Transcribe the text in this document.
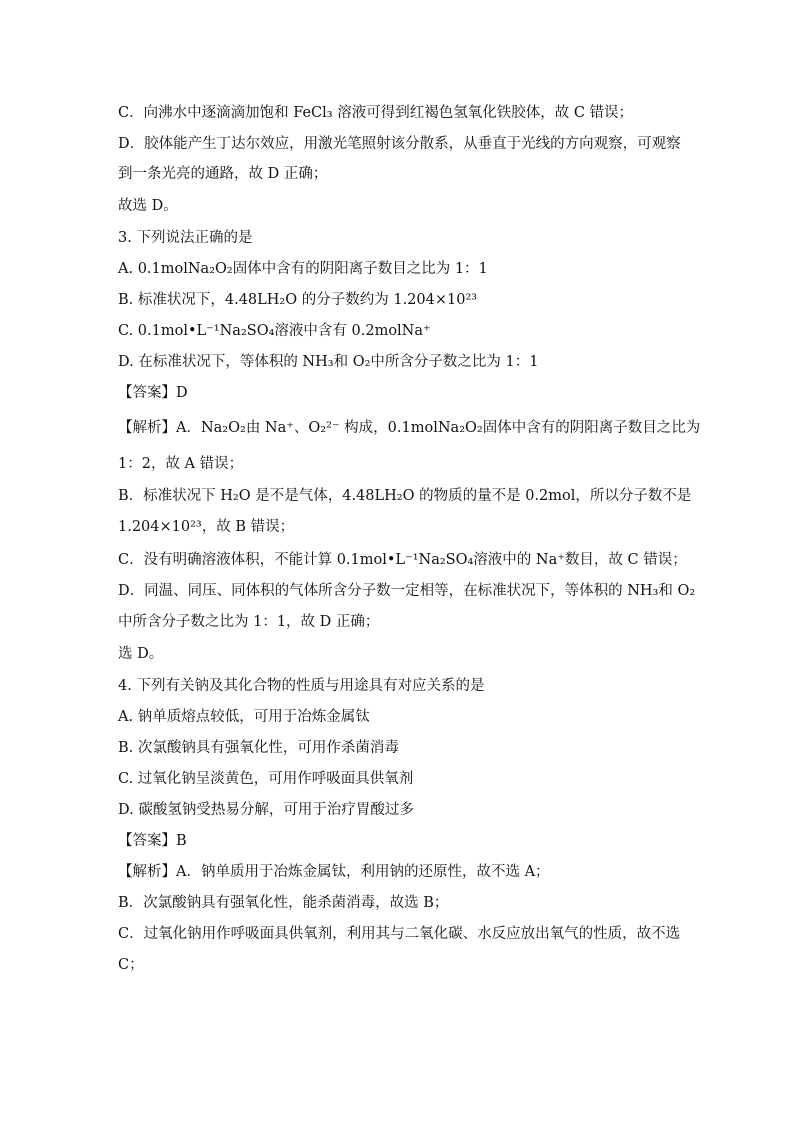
C．向沸水中逐滴滴加饱和 FeCl₃ 溶液可得到红褐色氢氧化铁胶体，故 C 错误；
D．胶体能产生丁达尔效应，用激光笔照射该分散系，从垂直于光线的方向观察，可观察
到一条光亮的通路，故 D 正确；
故选 D。
3. 下列说法正确的是
A. 0.1molNa₂O₂固体中含有的阴阳离子数目之比为 1：1
B. 标准状况下，4.48LH₂O 的分子数约为 1.204×10²³
C. 0.1mol•L⁻¹Na₂SO₄溶液中含有 0.2molNa⁺
D. 在标准状况下，等体积的 NH₃和 O₂中所含分子数之比为 1：1
【答案】D
【解析】A．Na₂O₂由 Na⁺、O₂²⁻ 构成，0.1molNa₂O₂固体中含有的阴阳离子数目之比为
1：2，故 A 错误；
B．标准状况下 H₂O 是不是气体，4.48LH₂O 的物质的量不是 0.2mol，所以分子数不是
1.204×10²³，故 B 错误；
C．没有明确溶液体积，不能计算 0.1mol•L⁻¹Na₂SO₄溶液中的 Na⁺数目，故 C 错误；
D．同温、同压、同体积的气体所含分子数一定相等，在标准状况下，等体积的 NH₃和 O₂
中所含分子数之比为 1：1，故 D 正确；
选 D。
4. 下列有关钠及其化合物的性质与用途具有对应关系的是
A. 钠单质熔点较低，可用于冶炼金属钛
B. 次氯酸钠具有强氧化性，可用作杀菌消毒
C. 过氧化钠呈淡黄色，可用作呼吸面具供氧剂
D. 碳酸氢钠受热易分解，可用于治疗胃酸过多
【答案】B
【解析】A．钠单质用于冶炼金属钛，利用钠的还原性，故不选 A；
B．次氯酸钠具有强氧化性，能杀菌消毒，故选 B；
C．过氧化钠用作呼吸面具供氧剂，利用其与二氧化碳、水反应放出氧气的性质，故不选
C；
